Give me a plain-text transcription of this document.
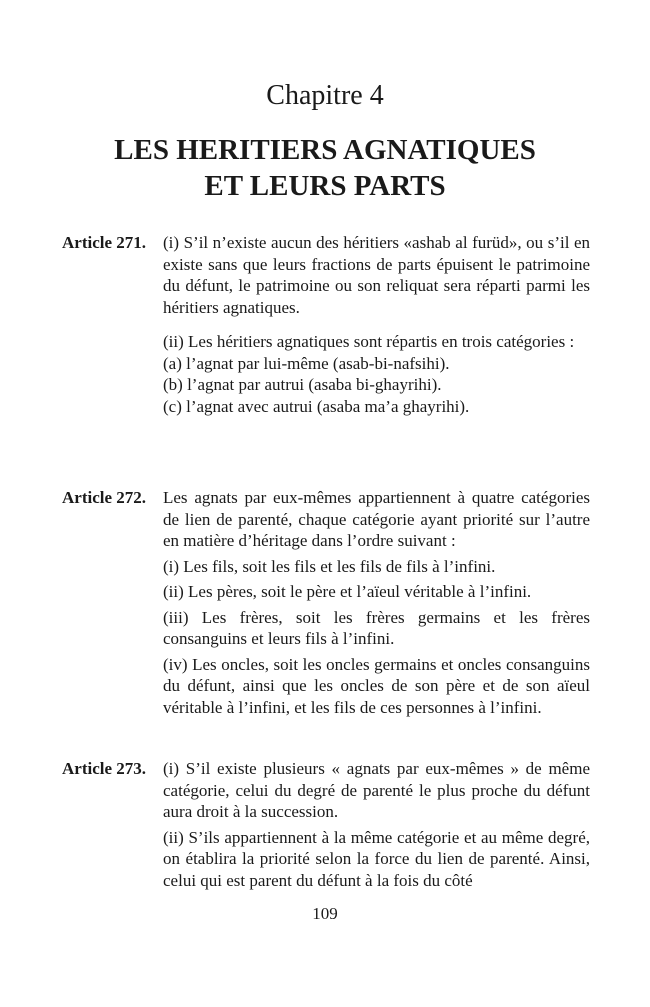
Chapitre 4
LES HERITIERS AGNATIQUES
ET LEURS PARTS
Article 271. (i) S’il n’existe aucun des héritiers «ashab al furüd», ou s’il en existe sans que leurs fractions de parts épuisent le patrimoine du défunt, le patrimoine ou son reliquat sera réparti parmi les héritiers agnatiques.

(ii) Les héritiers agnatiques sont répartis en trois catégories :

(a) l’agnat par lui-même (asab-bi-nafsihi).

(b) l’agnat par autrui (asaba bi-ghayrihi).

(c) l’agnat avec autrui (asaba ma’a ghayrihi).

Article 272. Les agnats par eux-mêmes appartiennent à quatre catégories de lien de parenté, chaque catégorie ayant priorité sur l’autre en matière d’héritage dans l’ordre suivant :

(i) Les fils, soit les fils et les fils de fils à l’infini.

(ii) Les pères, soit le père et l’aïeul véritable à l’infini.

(iii) Les frères, soit les frères germains et les frères consanguins et leurs fils à l’infini.

(iv) Les oncles, soit les oncles germains et oncles consanguins du défunt, ainsi que les oncles de son père et de son aïeul véritable à l’infini, et les fils de ces personnes à l’infini.

Article 273. (i) S’il existe plusieurs « agnats par eux-mêmes » de même catégorie, celui du degré de parenté le plus proche du défunt aura droit à la succession.

(ii) S’ils appartiennent à la même catégorie et au même degré, on établira la priorité selon la force du lien de parenté. Ainsi, celui qui est parent du défunt à la fois du côté

109
